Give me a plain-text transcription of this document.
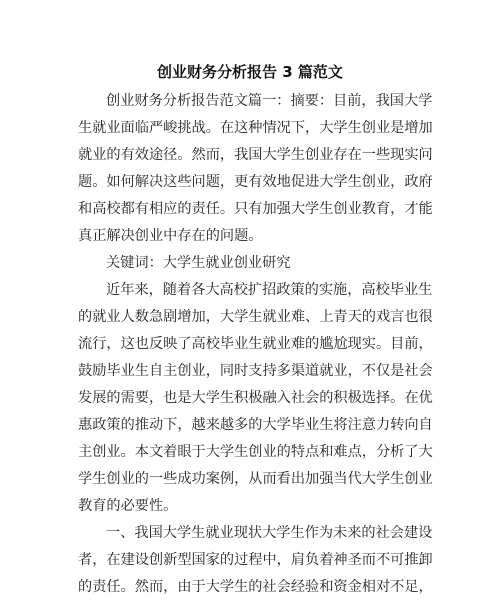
创业财务分析报告 3 篇范文
创业财务分析报告范文篇一：摘要：目前，我国大学
生就业面临严峻挑战。在这种情况下，大学生创业是增加
就业的有效途径。然而，我国大学生创业存在一些现实问
题。如何解决这些问题，更有效地促进大学生创业，政府
和高校都有相应的责任。只有加强大学生创业教育，才能
真正解决创业中存在的问题。
关键词：大学生就业创业研究
近年来，随着各大高校扩招政策的实施，高校毕业生
的就业人数急剧增加，大学生就业难、上青天的戏言也很
流行，这也反映了高校毕业生就业难的尴尬现实。目前，
鼓励毕业生自主创业，同时支持多渠道就业，不仅是社会
发展的需要，也是大学生积极融入社会的积极选择。在优
惠政策的推动下，越来越多的大学毕业生将注意力转向自
主创业。本文着眼于大学生创业的特点和难点，分析了大
学生创业的一些成功案例，从而看出加强当代大学生创业
教育的必要性。
一、我国大学生就业现状大学生作为未来的社会建设
者，在建设创新型国家的过程中，肩负着神圣而不可推卸
的责任。然而，由于大学生的社会经验和资金相对不足，
